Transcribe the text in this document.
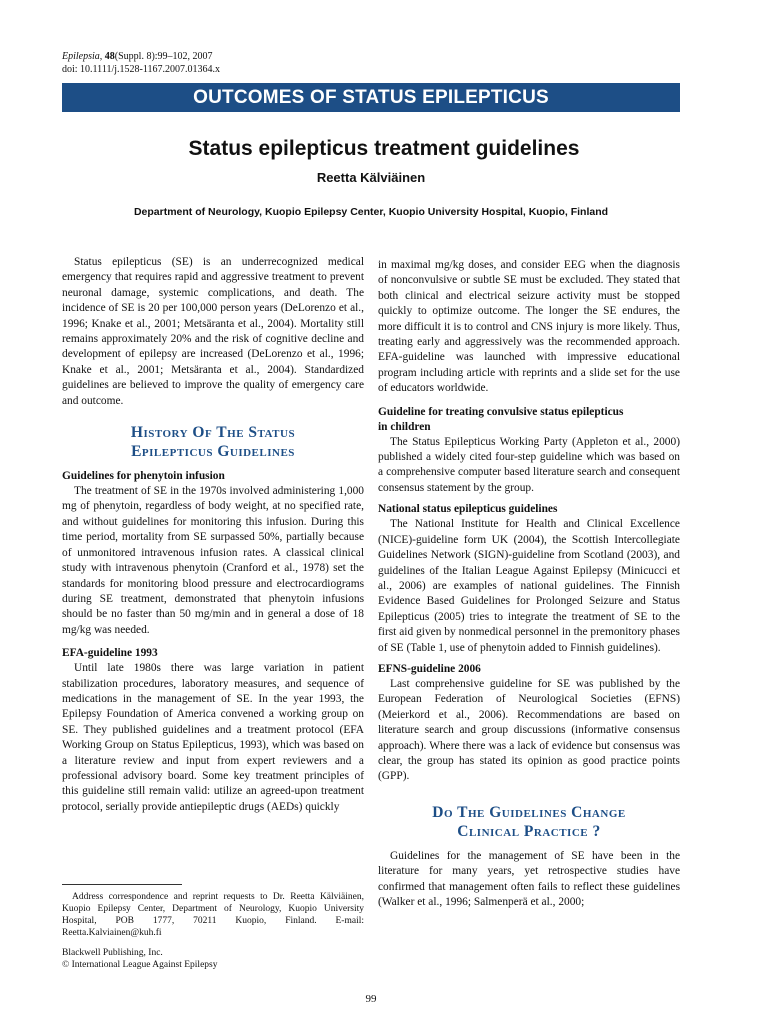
Epilepsia, 48(Suppl. 8):99–102, 2007
doi: 10.1111/j.1528-1167.2007.01364.x
OUTCOMES OF STATUS EPILEPTICUS
Status epilepticus treatment guidelines
Reetta Kälviäinen
Department of Neurology, Kuopio Epilepsy Center, Kuopio University Hospital, Kuopio, Finland

Status epilepticus (SE) is an underrecognized medical emergency that requires rapid and aggressive treatment to prevent neuronal damage, systemic complications, and death. The incidence of SE is 20 per 100,000 person years (DeLorenzo et al., 1996; Knake et al., 2001; Metsäranta et al., 2004). Mortality still remains approximately 20% and the risk of cognitive decline and development of epilepsy are increased (DeLorenzo et al., 1996; Knake et al., 2001; Metsäranta et al., 2004). Standardized guidelines are believed to improve the quality of emergency care and outcome.

History Of The Status
Epilepticus Guidelines
Guidelines for phenytoin infusion

The treatment of SE in the 1970s involved administering 1,000 mg of phenytoin, regardless of body weight, at no specified rate, and without guidelines for monitoring this infusion. During this time period, mortality from SE surpassed 50%, partially because of unmonitored intravenous infusion rates. A classical clinical study with intravenous phenytoin (Cranford et al., 1978) set the standards for monitoring blood pressure and electrocardiograms during SE treatment, demonstrated that phenytoin infusions should be no faster than 50 mg/min and in general a dose of 18 mg/kg was needed.

EFA-guideline 1993

Until late 1980s there was large variation in patient stabilization procedures, laboratory measures, and sequence of medications in the management of SE. In the year 1993, the Epilepsy Foundation of America convened a working group on SE. They published guidelines and a treatment protocol (EFA Working Group on Status Epilepticus, 1993), which was based on a literature review and input from expert reviewers and a professional advisory board. Some key treatment principles of this guideline still remain valid: utilize an agreed-upon treatment protocol, serially provide antiepileptic drugs (AEDs) quickly

in maximal mg/kg doses, and consider EEG when the diagnosis of nonconvulsive or subtle SE must be excluded. They stated that both clinical and electrical seizure activity must be stopped quickly to optimize outcome. The longer the SE endures, the more difficult it is to control and CNS injury is more likely. Thus, treating early and aggressively was the recommended approach. EFA-guideline was launched with impressive educational program including article with reprints and a slide set for the use of educators worldwide.

Guideline for treating convulsive status epilepticus
in children

The Status Epilepticus Working Party (Appleton et al., 2000) published a widely cited four-step guideline which was based on a comprehensive computer based literature search and consequent consensus statement by the group.

National status epilepticus guidelines

The National Institute for Health and Clinical Excellence (NICE)-guideline form UK (2004), the Scottish Intercollegiate Guidelines Network (SIGN)-guideline from Scotland (2003), and guidelines of the Italian League Against Epilepsy (Minicucci et al., 2006) are examples of national guidelines. The Finnish Evidence Based Guidelines for Prolonged Seizure and Status Epilepticus (2005) tries to integrate the treatment of SE to the first aid given by nonmedical personnel in the premonitory phases of SE (Table 1, use of phenytoin added to Finnish guidelines).

EFNS-guideline 2006

Last comprehensive guideline for SE was published by the European Federation of Neurological Societies (EFNS) (Meierkord et al., 2006). Recommendations are based on literature search and group discussions (informative consensus approach). Where there was a lack of evidence but consensus was clear, the group has stated its opinion as good practice points (GPP).

Do The Guidelines Change
Clinical Practice ?

Guidelines for the management of SE have been in the literature for many years, yet retrospective studies have confirmed that management often fails to reflect these guidelines (Walker et al., 1996; Salmenperä et al., 2000;

Address correspondence and reprint requests to Dr. Reetta Kälviäinen, Kuopio Epilepsy Center, Department of Neurology, Kuopio University Hospital, POB 1777, 70211 Kuopio, Finland. E-mail: Reetta.Kalviainen@kuh.fi

Blackwell Publishing, Inc.
© International League Against Epilepsy
99
